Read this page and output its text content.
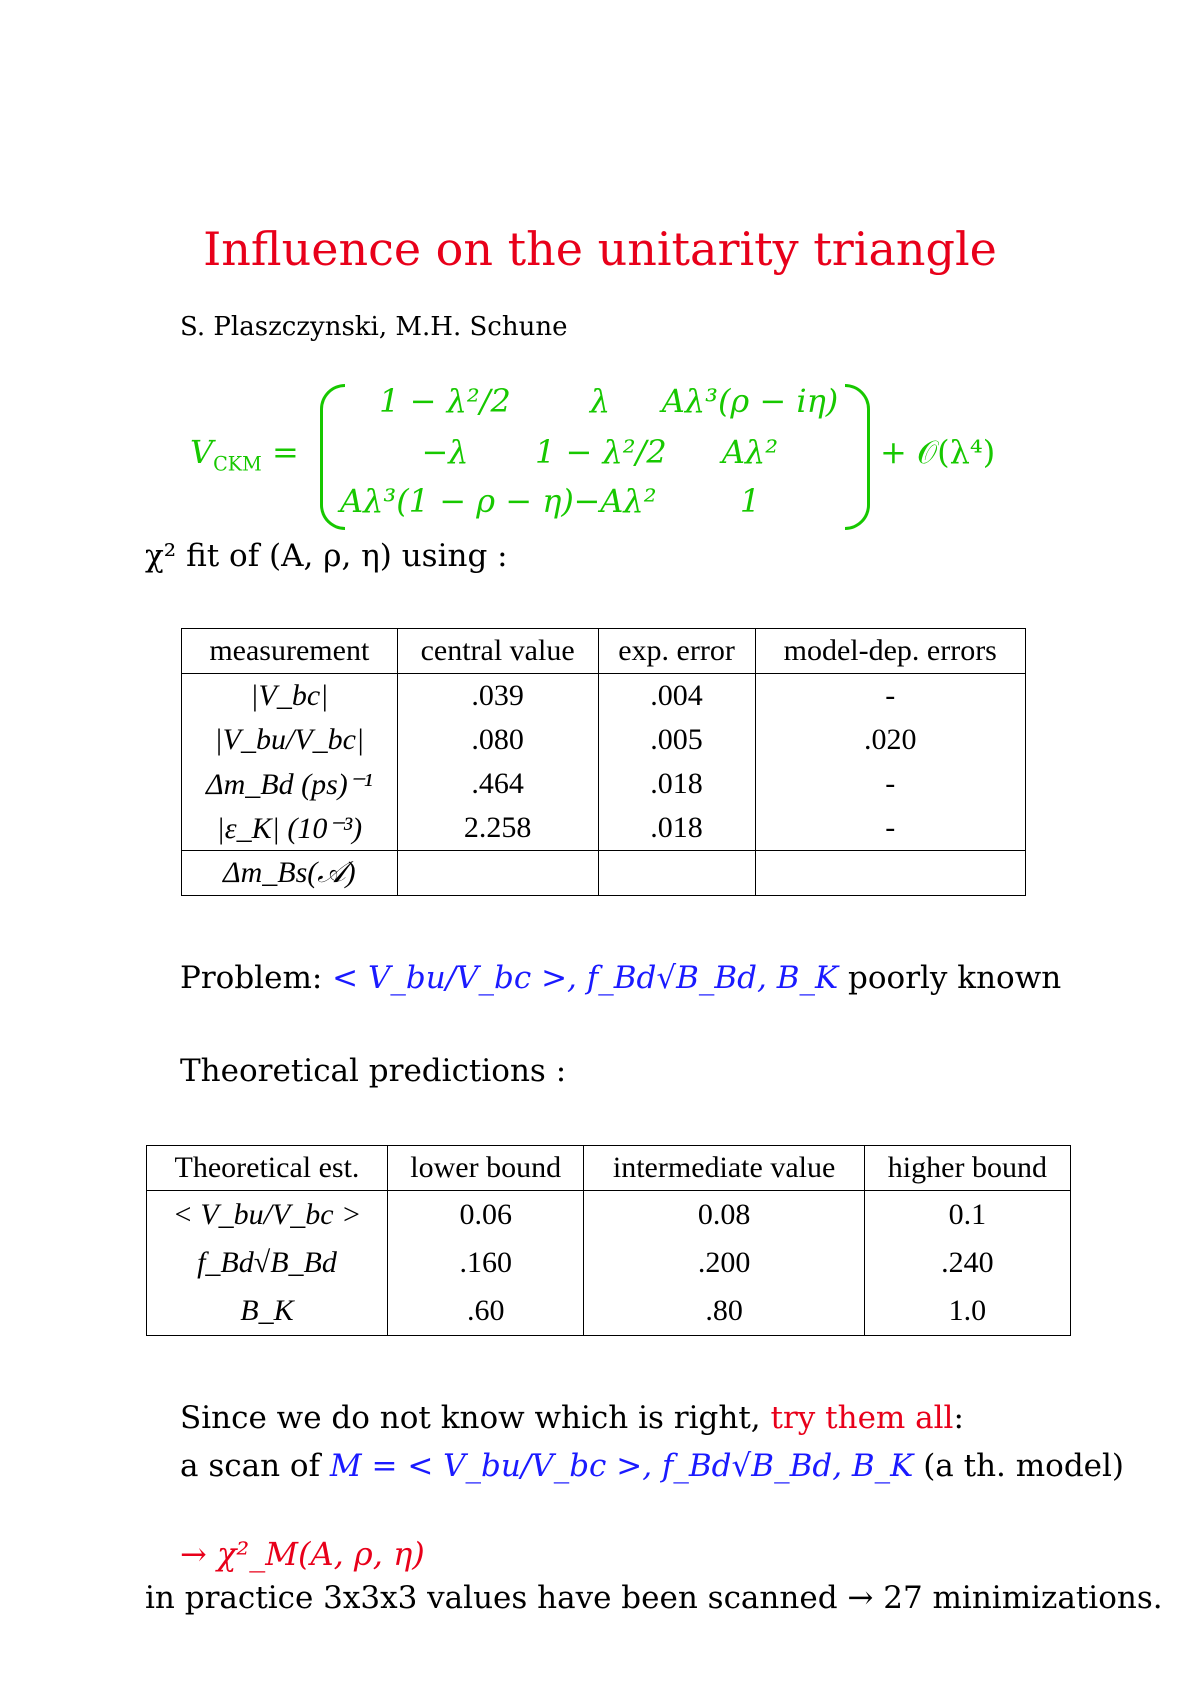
Influence on the unitarity triangle
S. Plaszczynski, M.H. Schune
$V_{CKM}$ =
1 − λ²/2	λ	Aλ³(ρ − iη)
−λ	1 − λ²/2	Aλ²
Aλ³(1 − ρ − η) −Aλ²	1
+ 𝒪(λ⁴)
χ² fit of (A, ρ, η) using :
measurement	central value	exp. error	model-dep. errors
|V_bc|	.039	.004	-
|V_bu/V_bc|	.080	.005	.020
Δm_Bd (ps)⁻¹	.464	.018	-
|ε_K| (10⁻³)	2.258	.018	-
Δm_Bs(𝒜)			
Problem: < V_bu/V_bc >, f_Bd√B_Bd, B_K poorly known
Theoretical predictions :
Theoretical est.	lower bound	intermediate value	higher bound
< V_bu/V_bc >	0.06	0.08	0.1
f_Bd√B_Bd	.160	.200	.240
B_K	.60	.80	1.0
Since we do not know which is right, try them all:
a scan of M = < V_bu/V_bc >, f_Bd√B_Bd, B_K (a th. model)
→ χ²_M(A, ρ, η)
in practice 3x3x3 values have been scanned → 27 minimizations.
